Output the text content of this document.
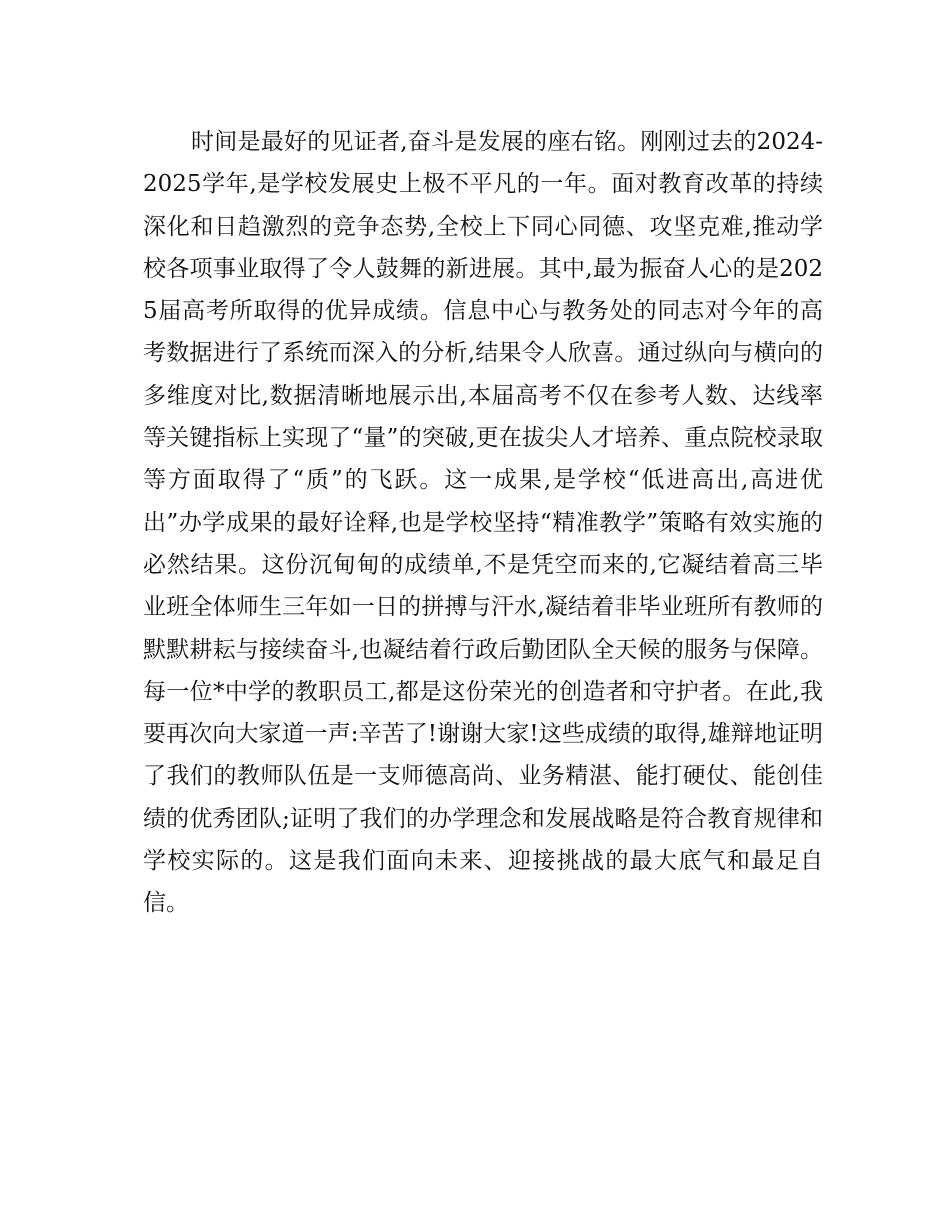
时间是最好的见证者,奋斗是发展的座右铭。刚刚过去的2024-2025学年,是学校发展史上极不平凡的一年。面对教育改革的持续深化和日趋激烈的竞争态势,全校上下同心同德、攻坚克难,推动学校各项事业取得了令人鼓舞的新进展。其中,最为振奋人心的是2025届高考所取得的优异成绩。信息中心与教务处的同志对今年的高考数据进行了系统而深入的分析,结果令人欣喜。通过纵向与横向的多维度对比,数据清晰地展示出,本届高考不仅在参考人数、达线率等关键指标上实现了“量”的突破,更在拔尖人才培养、重点院校录取等方面取得了“质”的飞跃。这一成果,是学校“低进高出,高进优出”办学成果的最好诠释,也是学校坚持“精准教学”策略有效实施的必然结果。这份沉甸甸的成绩单,不是凭空而来的,它凝结着高三毕业班全体师生三年如一日的拼搏与汗水,凝结着非毕业班所有教师的默默耕耘与接续奋斗,也凝结着行政后勤团队全天候的服务与保障。每一位*中学的教职员工,都是这份荣光的创造者和守护者。在此,我要再次向大家道一声:辛苦了!谢谢大家!这些成绩的取得,雄辩地证明了我们的教师队伍是一支师德高尚、业务精湛、能打硬仗、能创佳绩的优秀团队;证明了我们的办学理念和发展战略是符合教育规律和学校实际的。这是我们面向未来、迎接挑战的最大底气和最足自信。
